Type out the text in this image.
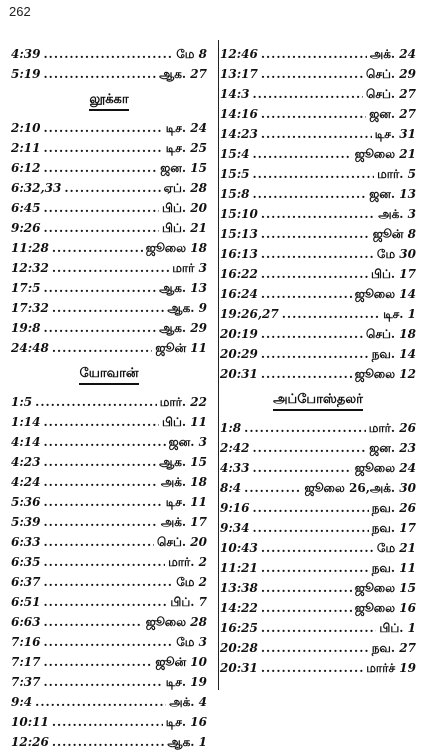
262
4:39 .....	மே 8
5:19 .....	ஆக. 27
லூக்கா
2:10 .....	டிச. 24
2:11 .....	டிச. 25
6:12 .....	ஜன. 15
6:32,33 .....	ஏப். 28
6:45 .....	பிப். 20
9:26 .....	பிப். 21
11:28 .....	ஜூலை 18
12:32 .....	மார் 3
17:5 .....	ஆக. 13
17:32 .....	ஆக. 9
19:8 .....	ஆக. 29
24:48 .....	ஜூன் 11
யோவான்
1:5 .....	மார். 22
1:14 .....	பிப். 11
4:14 .....	ஜன. 3
4:23 .....	ஆக. 15
4:24 .....	அக். 18
5:36 .....	டிச. 11
5:39 .....	அக். 17
6:33 .....	செப். 20
6:35 .....	மார். 2
6:37 .....	மே 2
6:51 .....	பிப். 7
6:63 .....	ஜூலை 28
7:16 .....	மே 3
7:17 .....	ஜூன் 10
7:37 .....	டிச. 19
9:4 .....	அக். 4
10:11 .....	டிச. 16
12:26 .....	ஆக. 1
12:46 .....	அக். 24
13:17 .....	செப். 29
14:3 .....	செப். 27
14:16 .....	ஜன. 27
14:23 .....	டிச. 31
15:4 .....	ஜூலை 21
15:5 .....	மார். 5
15:8 .....	ஜன. 13
15:10 .....	அக். 3
15:13 .....	ஜூன் 8
16:13 .....	மே 30
16:22 .....	பிப். 17
16:24 .....	ஜூலை 14
19:26,27 .....	டிச. 1
20:19 .....	செப். 18
20:29 .....	நவ. 14
20:31 .....	ஜூலை 12
அப்போஸ்தலர்
1:8 .....	மார். 26
2:42 .....	ஜன. 23
4:33 .....	ஜூலை 24
8:4 .....	ஜூலை 26,அக். 30
9:16 .....	நவ. 26
9:34 .....	நவ. 17
10:43 .....	மே 21
11:21 .....	நவ. 11
13:38 .....	ஜூலை 15
14:22 .....	ஜூலை 16
16:25 .....	பிப். 1
20:28 .....	நவ. 27
20:31 .....	மார்ச் 19
